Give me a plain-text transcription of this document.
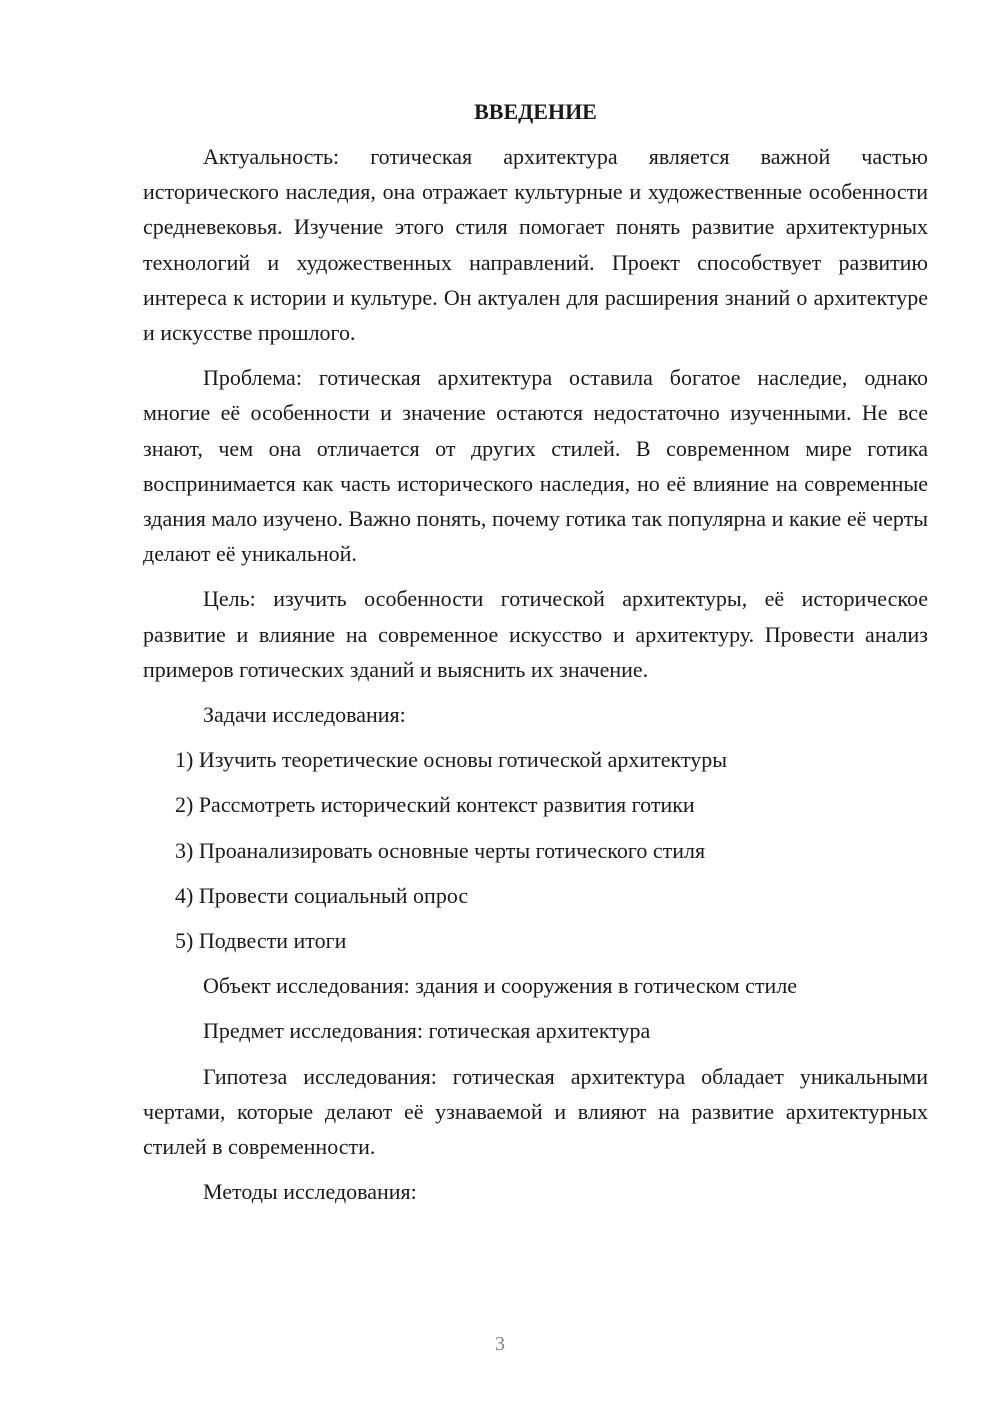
ВВЕДЕНИЕ

Актуальность: готическая архитектура является важной частью исторического наследия, она отражает культурные и художественные особенности средневековья. Изучение этого стиля помогает понять развитие архитектурных технологий и художественных направлений. Проект способствует развитию интереса к истории и культуре. Он актуален для расширения знаний о архитектуре и искусстве прошлого.

Проблема: готическая архитектура оставила богатое наследие, однако многие её особенности и значение остаются недостаточно изученными. Не все знают, чем она отличается от других стилей. В современном мире готика воспринимается как часть исторического наследия, но её влияние на современные здания мало изучено. Важно понять, почему готика так популярна и какие её черты делают её уникальной.

Цель: изучить особенности готической архитектуры, её историческое развитие и влияние на современное искусство и архитектуру. Провести анализ примеров готических зданий и выяснить их значение.

Задачи исследования:

1) Изучить теоретические основы готической архитектуры
2) Рассмотреть исторический контекст развития готики
3) Проанализировать основные черты готического стиля
4) Провести социальный опрос
5) Подвести итоги

Объект исследования: здания и сооружения в готическом стиле

Предмет исследования: готическая архитектура

Гипотеза исследования: готическая архитектура обладает уникальными чертами, которые делают её узнаваемой и влияют на развитие архитектурных стилей в современности.

Методы исследования:

3
